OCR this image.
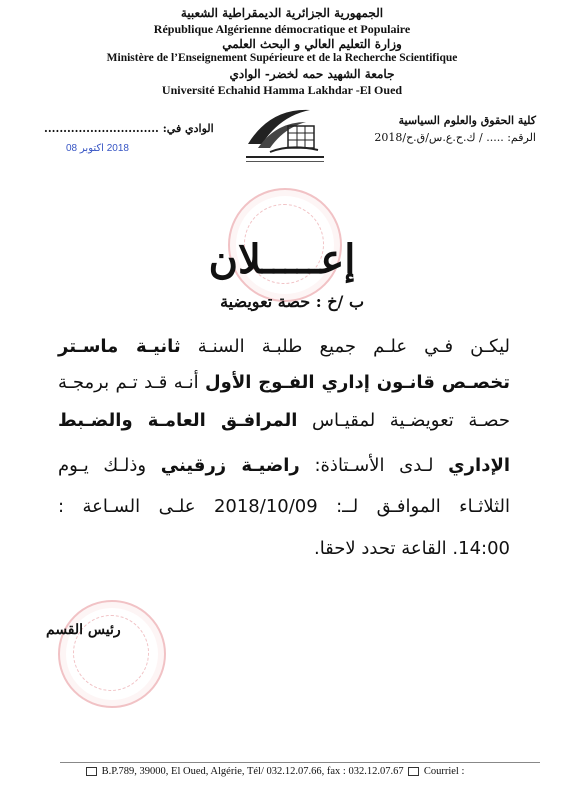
الجمهورية الجزائرية الديمقراطية الشعبية
République Algérienne démocratique et Populaire
وزارة التعليم العالي و البحث العلمي
Ministère de l’Enseignement Supérieure et de la Recherche Scientifique
جامعة الشهيد حمه لخضر- الوادي
Université Echahid Hamma Lakhdar -El Oued
كلية الحقوق والعلوم السياسية
الرقم: ..... / ك.ح.ع.س/ق.ح/2018
الوادي في: ..............................
2018 اكتوبر 08
إعـــــلان
ب /خ : حصة تعويضية
ليكـن فـي علـم جميع طلبـة السنـة ثانيـة ماسـتر
تخصـص قانـون إداري الفـوج الأول أنـه قـد تـم برمجـة
حصـة تعويضـية لمقيـاس المرافـق العامـة والضـبط
الإداري لـدى الأسـتاذة: راضيـة زرقيني وذلـك يـوم
الثلاثـاء الموافـق لــ: 2018/10/09 علـى السـاعة :
14:00. القاعة تحدد لاحقا.
رئيس القسم
B.P.789, 39000, El Oued, Algérie, Tél/ 032.12.07.66, fax : 032.12.07.67  Courriel :
